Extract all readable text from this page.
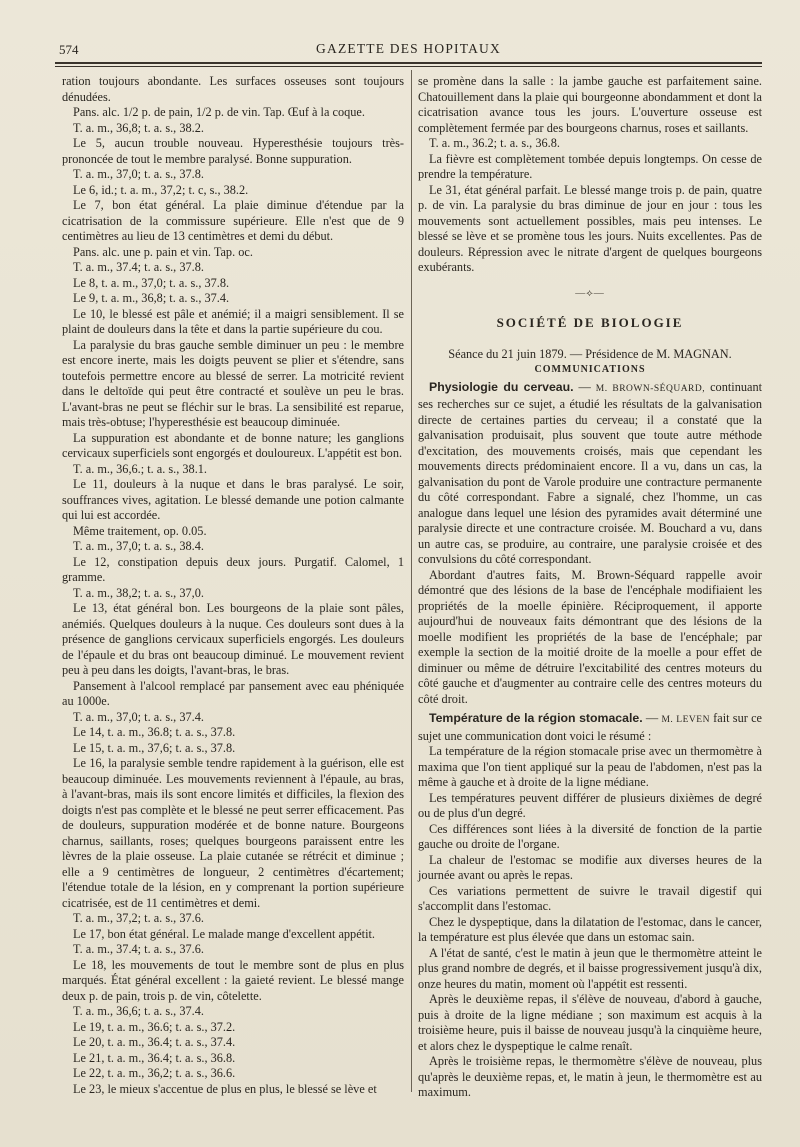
574	GAZETTE DES HOPITAUX

ration toujours abondante. Les surfaces osseuses sont toujours dénudées.

Pans. alc. 1/2 p. de pain, 1/2 p. de vin. Tap. Œuf à la coque.

T. a. m., 36,8; t. a. s., 38.2.

Le 5, aucun trouble nouveau. Hyperesthésie toujours très-prononcée de tout le membre paralysé. Bonne suppuration.

T. a. m., 37,0; t. a. s., 37.8.

Le 6, id.; t. a. m., 37,2; t. c, s., 38.2.

Le 7, bon état général. La plaie diminue d'étendue par la cicatrisation de la commissure supérieure. Elle n'est que de 9 centimètres au lieu de 13 centimètres et demi du début.

Pans. alc. une p. pain et vin. Tap. oc.

T. a. m., 37.4; t. a. s., 37.8.

Le 8, t. a. m., 37,0; t. a. s., 37.8.

Le 9, t. a. m., 36,8; t. a. s., 37.4.

Le 10, le blessé est pâle et anémié; il a maigri sensiblement. Il se plaint de douleurs dans la tête et dans la partie supérieure du cou.

La paralysie du bras gauche semble diminuer un peu : le membre est encore inerte, mais les doigts peuvent se plier et s'étendre, sans toutefois permettre encore au blessé de serrer. La motricité revient dans le deltoïde qui peut être contracté et soulève un peu le bras. L'avant-bras ne peut se fléchir sur le bras. La sensibilité est reparue, mais très-obtuse; l'hyperesthésie est beaucoup diminuée.

La suppuration est abondante et de bonne nature; les ganglions cervicaux superficiels sont engorgés et douloureux. L'appétit est bon.

T. a. m., 36,6.; t. a. s., 38.1.

Le 11, douleurs à la nuque et dans le bras paralysé. Le soir, souffrances vives, agitation. Le blessé demande une potion calmante qui lui est accordée.

Même traitement, op. 0.05.

T. a. m., 37,0; t. a. s., 38.4.

Le 12, constipation depuis deux jours. Purgatif. Calomel, 1 gramme.

T. a. m., 38,2; t. a. s., 37,0.

Le 13, état général bon. Les bourgeons de la plaie sont pâles, anémiés. Quelques douleurs à la nuque. Ces douleurs sont dues à la présence de ganglions cervicaux superficiels engorgés. Les douleurs de l'épaule et du bras ont beaucoup diminué. Le mouvement revient peu à peu dans les doigts, l'avant-bras, le bras.

Pansement à l'alcool remplacé par pansement avec eau phéniquée au 1000e.

T. a. m., 37,0; t. a. s., 37.4.

Le 14, t. a. m., 36.8; t. a. s., 37.8.

Le 15, t. a. m., 37,6; t. a. s., 37.8.

Le 16, la paralysie semble tendre rapidement à la guérison, elle est beaucoup diminuée. Les mouvements reviennent à l'épaule, au bras, à l'avant-bras, mais ils sont encore limités et difficiles, la flexion des doigts n'est pas complète et le blessé ne peut serrer efficacement. Pas de douleurs, suppuration modérée et de bonne nature. Bourgeons charnus, saillants, roses; quelques bourgeons paraissent entre les lèvres de la plaie osseuse. La plaie cutanée se rétrécit et diminue ; elle a 9 centimètres de longueur, 2 centimètres d'écartement; l'étendue totale de la lésion, en y comprenant la portion supérieure cicatrisée, est de 11 centimètres et demi.

T. a. m., 37,2; t. a. s., 37.6.

Le 17, bon état général. Le malade mange d'excellent appétit.

T. a. m., 37.4; t. a. s., 37.6.

Le 18, les mouvements de tout le membre sont de plus en plus marqués. État général excellent : la gaieté revient. Le blessé mange deux p. de pain, trois p. de vin, côtelette.

T. a. m., 36,6; t. a. s., 37.4.

Le 19, t. a. m., 36.6; t. a. s., 37.2.

Le 20, t. a. m., 36.4; t. a. s., 37.4.

Le 21, t. a. m., 36.4; t. a. s., 36.8.

Le 22, t. a. m., 36,2; t. a. s., 36.6.

Le 23, le mieux s'accentue de plus en plus, le blessé se lève et

se promène dans la salle : la jambe gauche est parfaitement saine. Chatouillement dans la plaie qui bourgeonne abondamment et dont la cicatrisation avance tous les jours. L'ouverture osseuse est complètement fermée par des bourgeons charnus, roses et saillants.

T. a. m., 36.2; t. a. s., 36.8.

La fièvre est complètement tombée depuis longtemps. On cesse de prendre la température.

Le 31, état général parfait. Le blessé mange trois p. de pain, quatre p. de vin. La paralysie du bras diminue de jour en jour : tous les mouvements sont actuellement possibles, mais peu intenses. Le blessé se lève et se promène tous les jours. Nuits excellentes. Pas de douleurs. Répression avec le nitrate d'argent de quelques bourgeons exubérants.

—⟡—
SOCIÉTÉ DE BIOLOGIE

Séance du 21 juin 1879. — Présidence de M. MAGNAN.

COMMUNICATIONS

Physiologie du cerveau. — M. BROWN-SÉQUARD, continuant ses recherches sur ce sujet, a étudié les résultats de la galvanisation directe de certaines parties du cerveau; il a constaté que la galvanisation produisait, plus souvent que toute autre méthode d'excitation, des mouvements croisés, mais que cependant les mouvements directs prédominaient encore. Il a vu, dans un cas, la galvanisation du pont de Varole produire une contracture permanente du côté correspondant. Fabre a signalé, chez l'homme, un cas analogue dans lequel une lésion des pyramides avait déterminé une paralysie directe et une contracture croisée. M. Bouchard a vu, dans un autre cas, se produire, au contraire, une paralysie croisée et des convulsions du côté correspondant.

Abordant d'autres faits, M. Brown-Séquard rappelle avoir démontré que des lésions de la base de l'encéphale modifiaient les propriétés de la moelle épinière. Réciproquement, il apporte aujourd'hui de nouveaux faits démontrant que des lésions de la moelle modifient les propriétés de la base de l'encéphale; par exemple la section de la moitié droite de la moelle a pour effet de diminuer ou même de détruire l'excitabilité des centres moteurs du côté gauche et d'augmenter au contraire celle des centres moteurs du côté droit.

Température de la région stomacale. — M. LEVEN fait sur ce sujet une communication dont voici le résumé :

La température de la région stomacale prise avec un thermomètre à maxima que l'on tient appliqué sur la peau de l'abdomen, n'est pas la même à gauche et à droite de la ligne médiane.

Les températures peuvent différer de plusieurs dixièmes de degré ou de plus d'un degré.

Ces différences sont liées à la diversité de fonction de la partie gauche ou droite de l'organe.

La chaleur de l'estomac se modifie aux diverses heures de la journée avant ou après le repas.

Ces variations permettent de suivre le travail digestif qui s'accomplit dans l'estomac.

Chez le dyspeptique, dans la dilatation de l'estomac, dans le cancer, la température est plus élevée que dans un estomac sain.

A l'état de santé, c'est le matin à jeun que le thermomètre atteint le plus grand nombre de degrés, et il baisse progressivement jusqu'à dix, onze heures du matin, moment où l'appétit est ressenti.

Après le deuxième repas, il s'élève de nouveau, d'abord à gauche, puis à droite de la ligne médiane ; son maximum est acquis à la troisième heure, puis il baisse de nouveau jusqu'à la cinquième heure, et alors chez le dyspeptique le calme renaît.

Après le troisième repas, le thermomètre s'élève de nouveau, plus qu'après le deuxième repas, et, le matin à jeun, le thermomètre est au maximum.
